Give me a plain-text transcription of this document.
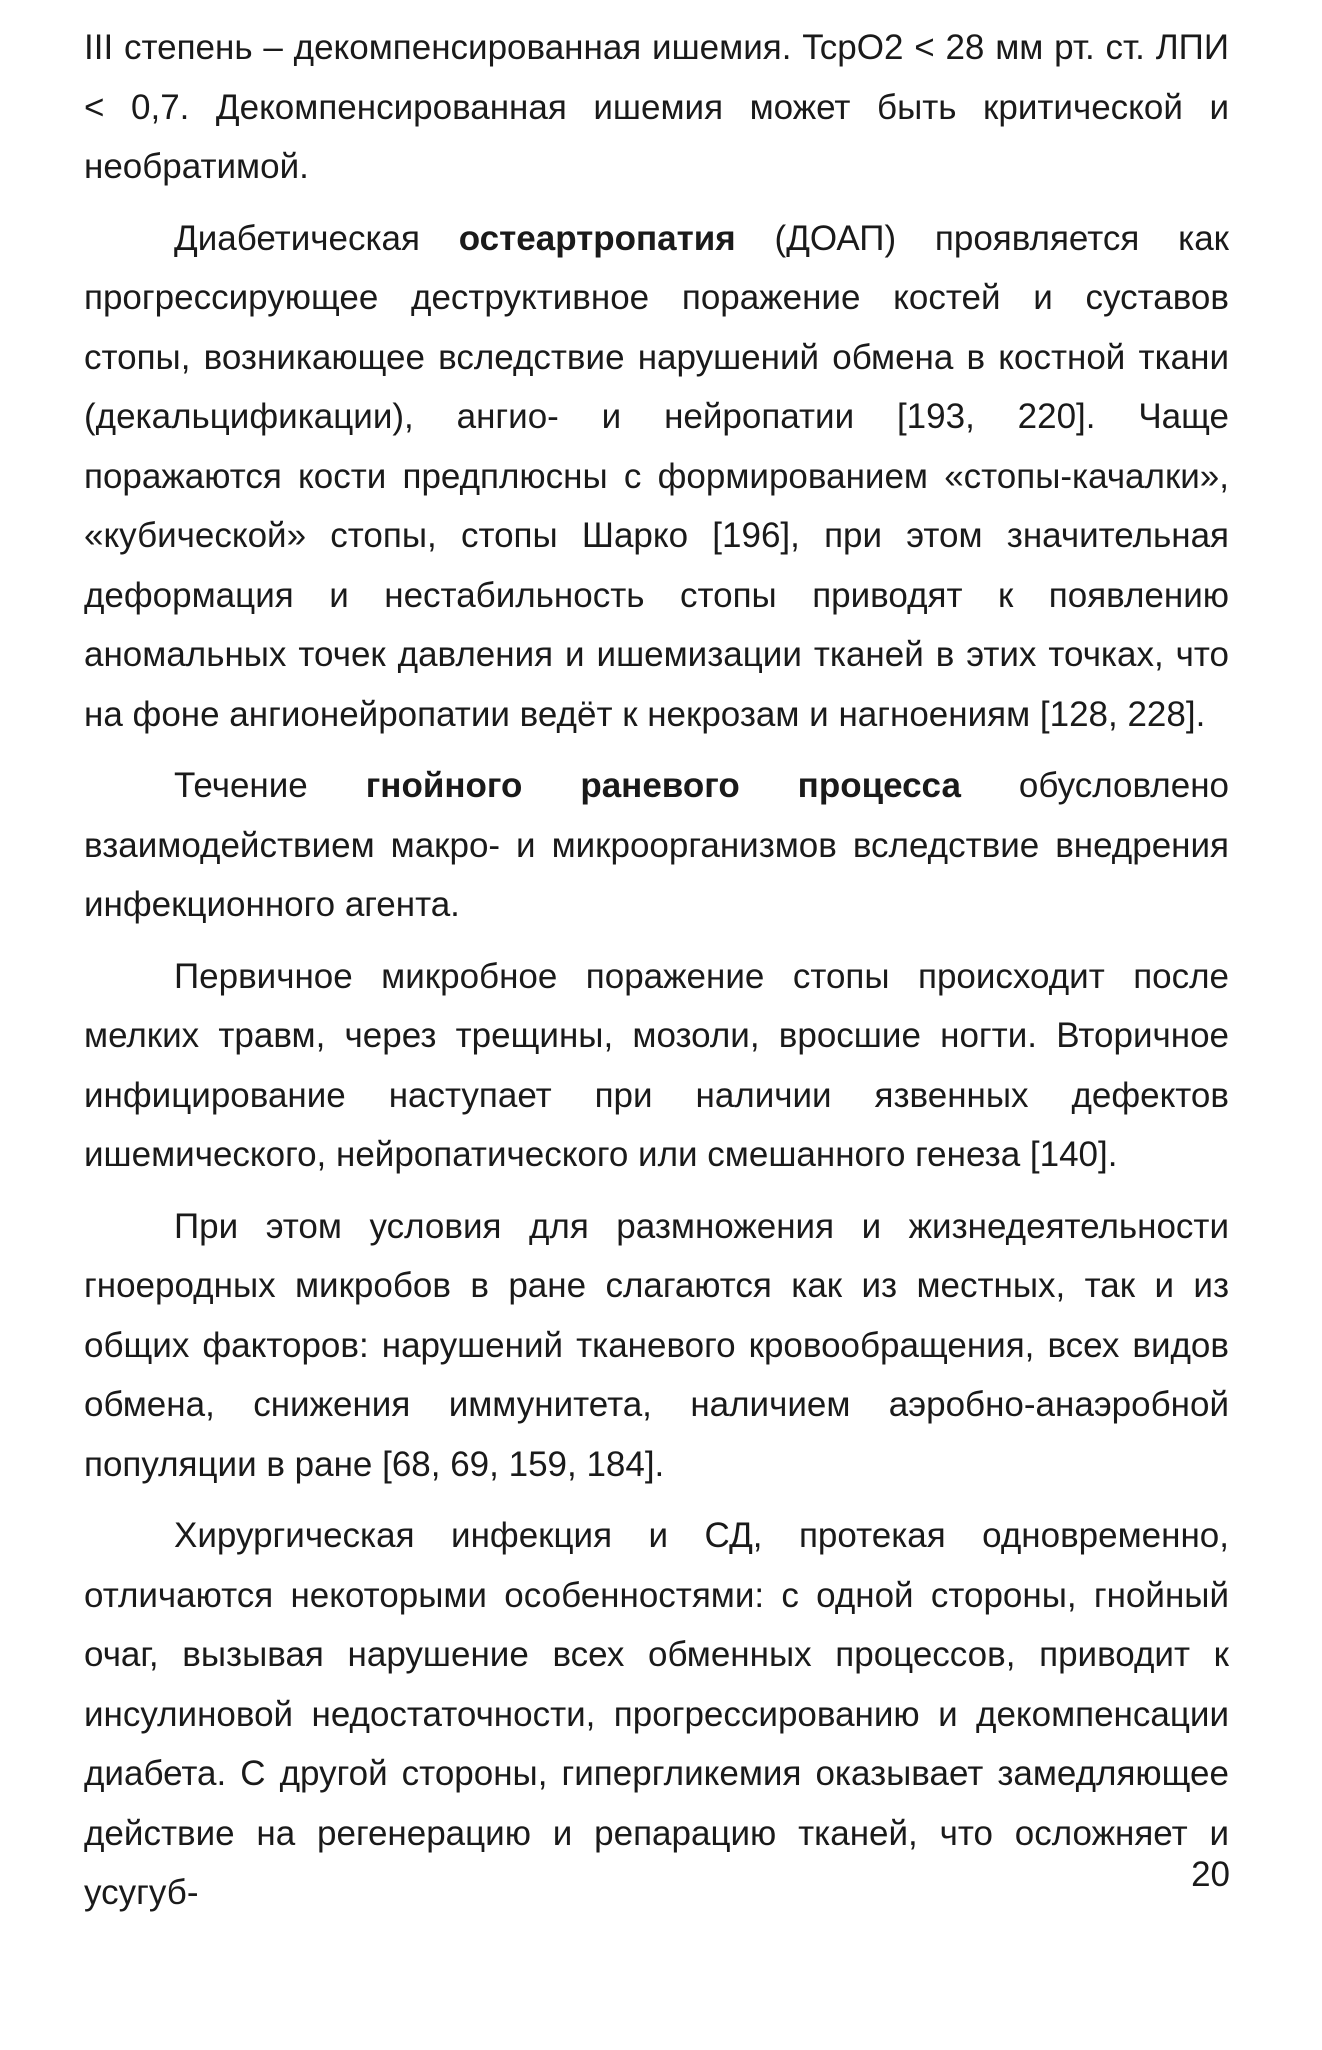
III степень – декомпенсированная ишемия. TcpO2 < 28 мм рт. ст. ЛПИ < 0,7. Декомпенсированная ишемия может быть критической и необратимой.

Диабетическая остеартропатия (ДОАП) проявляется как прогрессирующее деструктивное поражение костей и суставов стопы, возникающее вследствие нарушений обмена в костной ткани (декальцификации), ангио- и нейропатии [193, 220]. Чаще поражаются кости предплюсны с формированием «стопы-качалки», «кубической» стопы, стопы Шарко [196], при этом значительная деформация и нестабильность стопы приводят к появлению аномальных точек давления и ишемизации тканей в этих точках, что на фоне ангионейропатии ведёт к некрозам и нагноениям [128, 228].

Течение гнойного раневого процесса обусловлено взаимодействием макро- и микроорганизмов вследствие внедрения инфекционного агента.

Первичное микробное поражение стопы происходит после мелких травм, через трещины, мозоли, вросшие ногти. Вторичное инфицирование наступает при наличии язвенных дефектов ишемического, нейропатического или смешанного генеза [140].

При этом условия для размножения и жизнедеятельности гноеродных микробов в ране слагаются как из местных, так и из общих факторов: нарушений тканевого кровообращения, всех видов обмена, снижения иммунитета, наличием аэробно-анаэробной популяции в ране [68, 69, 159, 184].

Хирургическая инфекция и СД, протекая одновременно, отличаются некоторыми особенностями: с одной стороны, гнойный очаг, вызывая нарушение всех обменных процессов, приводит к инсулиновой недостаточности, прогрессированию и декомпенсации диабета. С другой стороны, гипергликемия оказывает замедляющее действие на регенерацию и репарацию тканей, что осложняет и усугуб-	20
